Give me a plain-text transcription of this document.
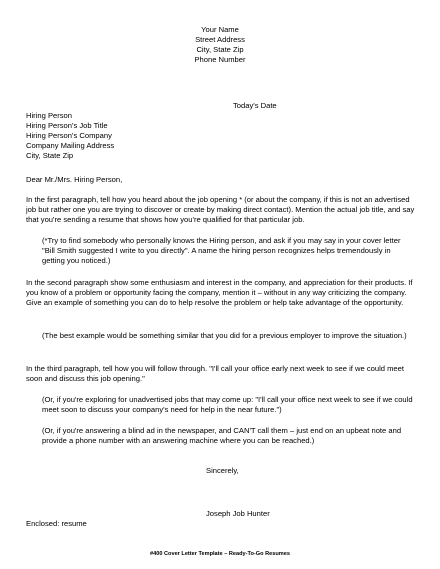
Your Name

Street Address

City, State Zip

Phone Number

Today's Date

Hiring Person

Hiring Person's Job Title

Hiring Person's Company

Company Mailing Address

City, State Zip

Dear Mr./Mrs. Hiring Person,

In the first paragraph, tell how you heard about the job opening * (or about the company, if this is not an advertised job but rather one you are trying to discover or create by making direct contact). Mention the actual job title, and say that you're sending a resume that shows how you're qualified for that particular job.

(*Try to find somebody who personally knows the Hiring person, and ask if you may say in your cover letter "Bill Smith suggested I write to you directly". A name the hiring person recognizes helps tremendously in getting you noticed.)

In the second paragraph show some enthusiasm and interest in the company, and appreciation for their products. If you know of a problem or opportunity facing the company, mention it – without in any way criticizing the company. Give an example of something you can do to help resolve the problem or help take advantage of the opportunity.

(The best example would be something similar that you did for a previous employer to improve the situation.)

In the third paragraph, tell how you will follow through. "I'll call your office early next week to see if we could meet soon and discuss this job opening."

(Or, if you're exploring for unadvertised jobs that may come up: "I'll call your office next week to see if we could meet soon to discuss your company's need for help in the near future.")

(Or, if you're answering a blind ad in the newspaper, and CAN'T call them – just end on an upbeat note and provide a phone number with an answering machine where you can be reached.)

Sincerely,

Joseph Job Hunter

Enclosed: resume

#400 Cover Letter Template – Ready-To-Go Resumes
